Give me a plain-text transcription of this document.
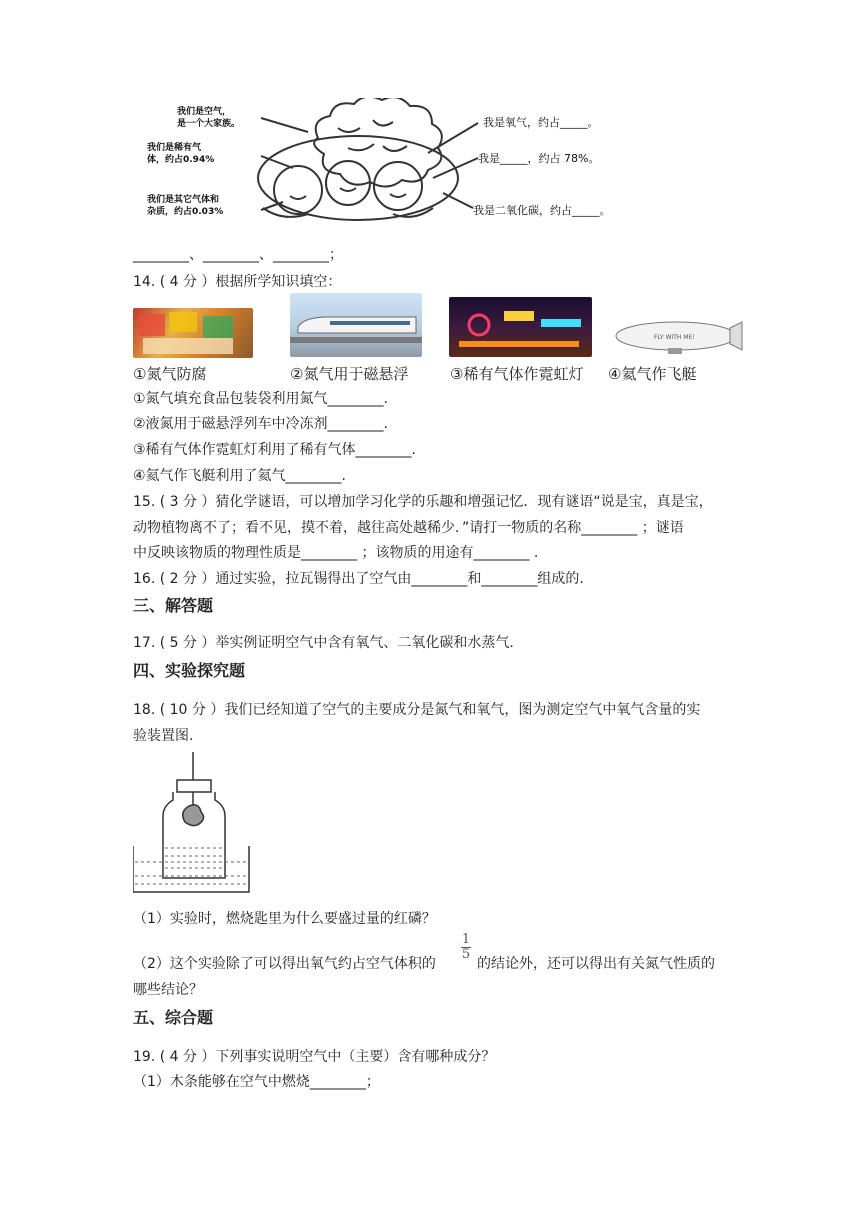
我们是空气，
是一个大家族。
我们是稀有气
体，约占0.94%
我们是其它气体和
杂质，约占0.03%
我是氧气，约占_____。
我是_____，约占 78%。
我是二氧化碳，约占_____。
________、________、________；
14. ( 4 分 ）根据所学知识填空：
FLY WITH ME!
①氮气防腐	②氮气用于磁悬浮	③稀有气体作霓虹灯 ④氦气作飞艇
①氮气填充食品包装袋利用氮气________.
②液氮用于磁悬浮列车中冷冻剂________.
③稀有气体作霓虹灯利用了稀有气体________.
④氦气作飞艇利用了氦气________.
15. ( 3 分 ）猜化学谜语，可以增加学习化学的乐趣和增强记忆．现有谜语“说是宝，真是宝，
动物植物离不了；看不见，摸不着，越往高处越稀少．”请打一物质的名称________ ；谜语
中反映该物质的物理性质是________ ；该物质的用途有________ .
16. ( 2 分 ）通过实验，拉瓦锡得出了空气由________和________组成的.
三、解答题
17. ( 5 分 ）举实例证明空气中含有氧气、二氧化碳和水蒸气.
四、实验探究题
18. ( 10 分 ）我们已经知道了空气的主要成分是氮气和氧气，图为测定空气中氧气含量的实
验装置图.
（1）实验时，燃烧匙里为什么要盛过量的红磷？
（2）这个实验除了可以得出氧气约占空气体积的
1
5
的结论外，还可以得出有关氮气性质的
哪些结论？
五、综合题
19. ( 4 分 ）下列事实说明空气中（主要）含有哪种成分？
（1）木条能够在空气中燃烧________；
